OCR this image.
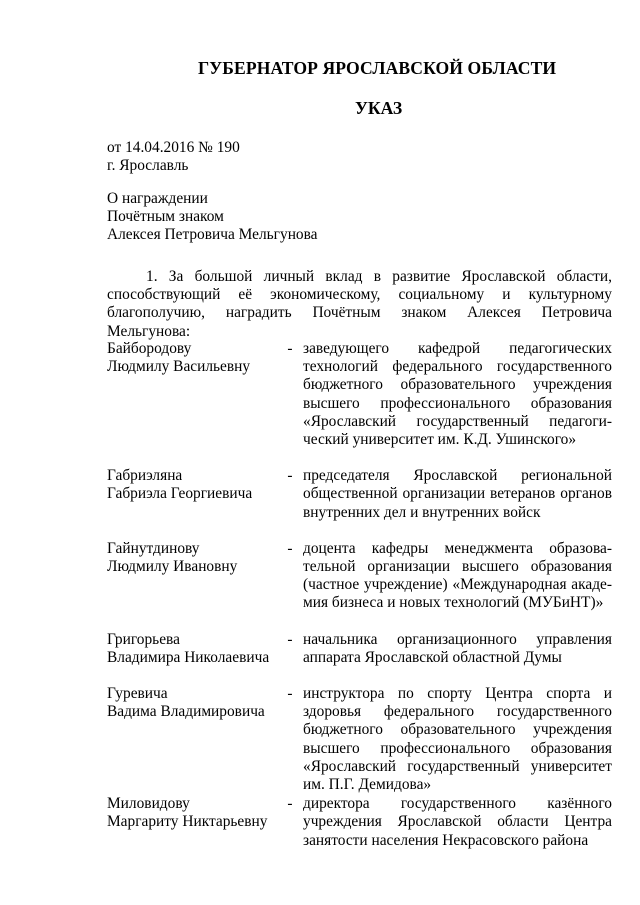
ГУБЕРНАТОР ЯРОСЛАВСКОЙ ОБЛАСТИ
УКАЗ
от 14.04.2016 № 190
г. Ярославль
О награждении
Почётным знаком
Алексея Петровича Мельгунова
1. За большой личный вклад в развитие Ярославской области, способствующий её экономическому, социальному и культурному благополучию, наградить Почётным знаком Алексея Петровича Мельгунова:
Байбородову
Людмилу Васильевну
- заведующего кафедрой педагогических технологий федерального государственного бюджетного образовательного учреждения высшего профессионального образования «Ярославский государственный педагоги-ческий университет им. К.Д. Ушинского»
Габриэляна
Габриэла Георгиевича
- председателя Ярославской региональной общественной организации ветеранов органов внутренних дел и внутренних войск
Гайнутдинову
Людмилу Ивановну
- доцента кафедры менеджмента образова-тельной организации высшего образования (частное учреждение) «Международная акаде-мия бизнеса и новых технологий (МУБиНТ)»
Григорьева
Владимира Николаевича
- начальника организационного управления аппарата Ярославской областной Думы
Гуревича
Вадима Владимировича
- инструктора по спорту Центра спорта и здоровья федерального государственного бюджетного образовательного учреждения высшего профессионального образования «Ярославский государственный университет им. П.Г. Демидова»
Миловидову
Маргариту Никтарьевну
- директора государственного казённого учреждения Ярославской области Центра занятости населения Некрасовского района
